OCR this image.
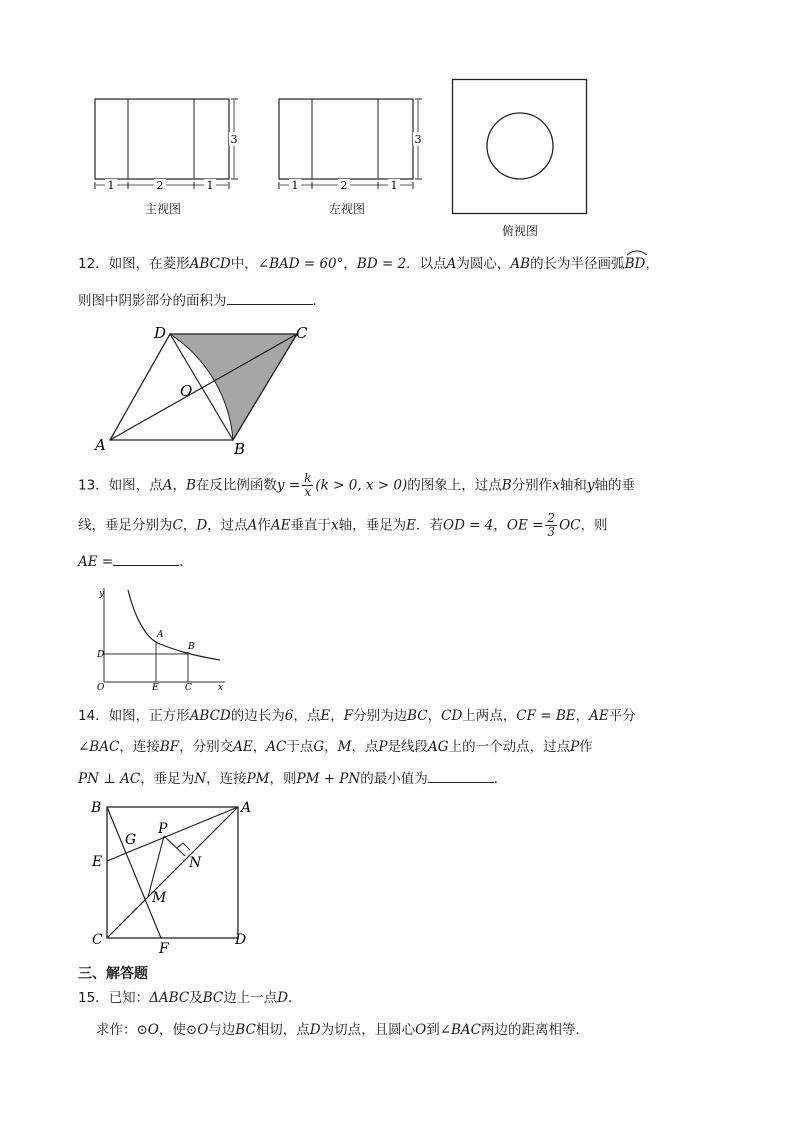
1	2	1
3
主视图
1	2	1
3
左视图
俯视图
12．如图，在菱形ABCD中，∠BAD = 60°，BD = 2．以点A为圆心，AB的长为半径画弧
BD，
则图中阴影部分的面积为	．
D	C
O
A	B
13．如图，点A，B在反比例函数$y = \frac{k}{x} (k > 0$, x > 0)的图象上，过点B分别作x轴和y轴的垂
线，垂足分别为C，D，过点A作AE垂直于x轴，垂足为E．若OD = 4，OE = $\frac{2}{3}$ OC，则
AE =	．
y
x
O
D
A
B
E	C
14．如图，正方形ABCD的边长为6，点E，F分别为边BC，CD上两点，CF = BE，AE平分
∠BAC，连接BF，分别交AE，AC于点G，M，点P是线段AG上的一个动点，过点P作
PN ⊥ AC，垂足为N，连接PM，则PM + PN的最小值为	．
B	A
G
P
N
E
M
C
F
D
三、解答题
15．已知：ΔABC及BC边上一点D．
求作：⊙O，使⊙O与边BC相切，点D为切点，且圆心O到∠BAC两边的距离相等．
